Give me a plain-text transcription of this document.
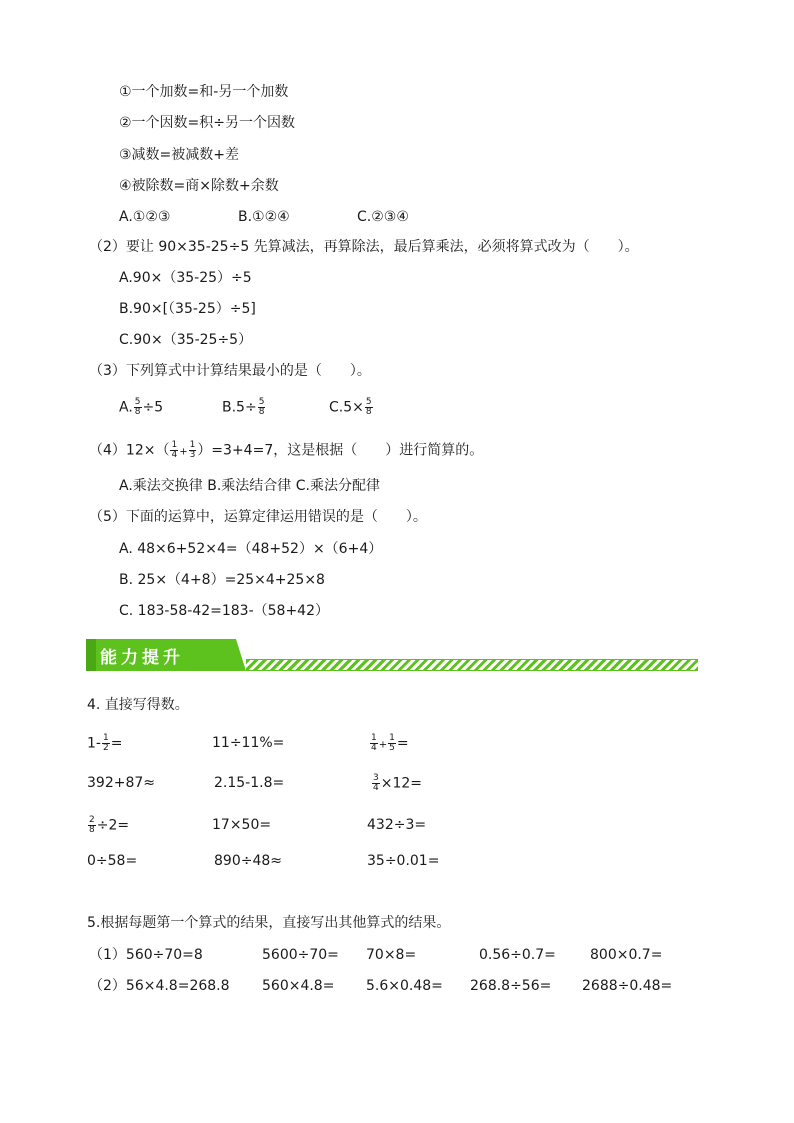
①一个加数=和-另一个加数
②一个因数=积÷另一个因数
③减数=被减数+差
④被除数=商×除数+余数
A.①②③	B.①②④	C.②③④
（2）要让 90×35-25÷5 先算减法，再算除法，最后算乘法，必须将算式改为（　　）。
A.90×（35-25）÷5
B.90×[（35-25）÷5]
C.90×（35-25÷5）
（3）下列算式中计算结果最小的是（　　）。
A. $\frac{5}{8} \div 5$	$B.5\div \frac{5}{8}$	$C.5\times \frac{5}{8}$
$(4)12\times( \frac{1}{4} + \frac{1}{3} )=3+4=7$，这是根据（　　）进行简算的。
A.乘法交换律 B.乘法结合律 C.乘法分配律
（5）下面的运算中，运算定律运用错误的是（　　）。
A. 48×6+52×4=（48+52）×（6+4）
B. 25×（4+8）=25×4+25×8
C. 183-58-42=183-（58+42）
能力提升
4. 直接写得数。
$1- \frac{1}{2}$ =	11÷11%=	$\frac{1}{4} + \frac{1}{5}$ =
392+87≈	2.15-1.8=	$\frac{3}{4} \times 12=$
$\frac{2}{8} \div 2=$	17×50=	432÷3=
0÷58=	890÷48≈	35÷0.01=
5.根据每题第一个算式的结果，直接写出其他算式的结果。
（1）560÷70=8	5600÷70= 70×8=	0.56÷0.7= 800×0.7=
（2）56×4.8=268.8 560×4.8= 5.6×0.48= 268.8÷56= 2688÷0.48=
